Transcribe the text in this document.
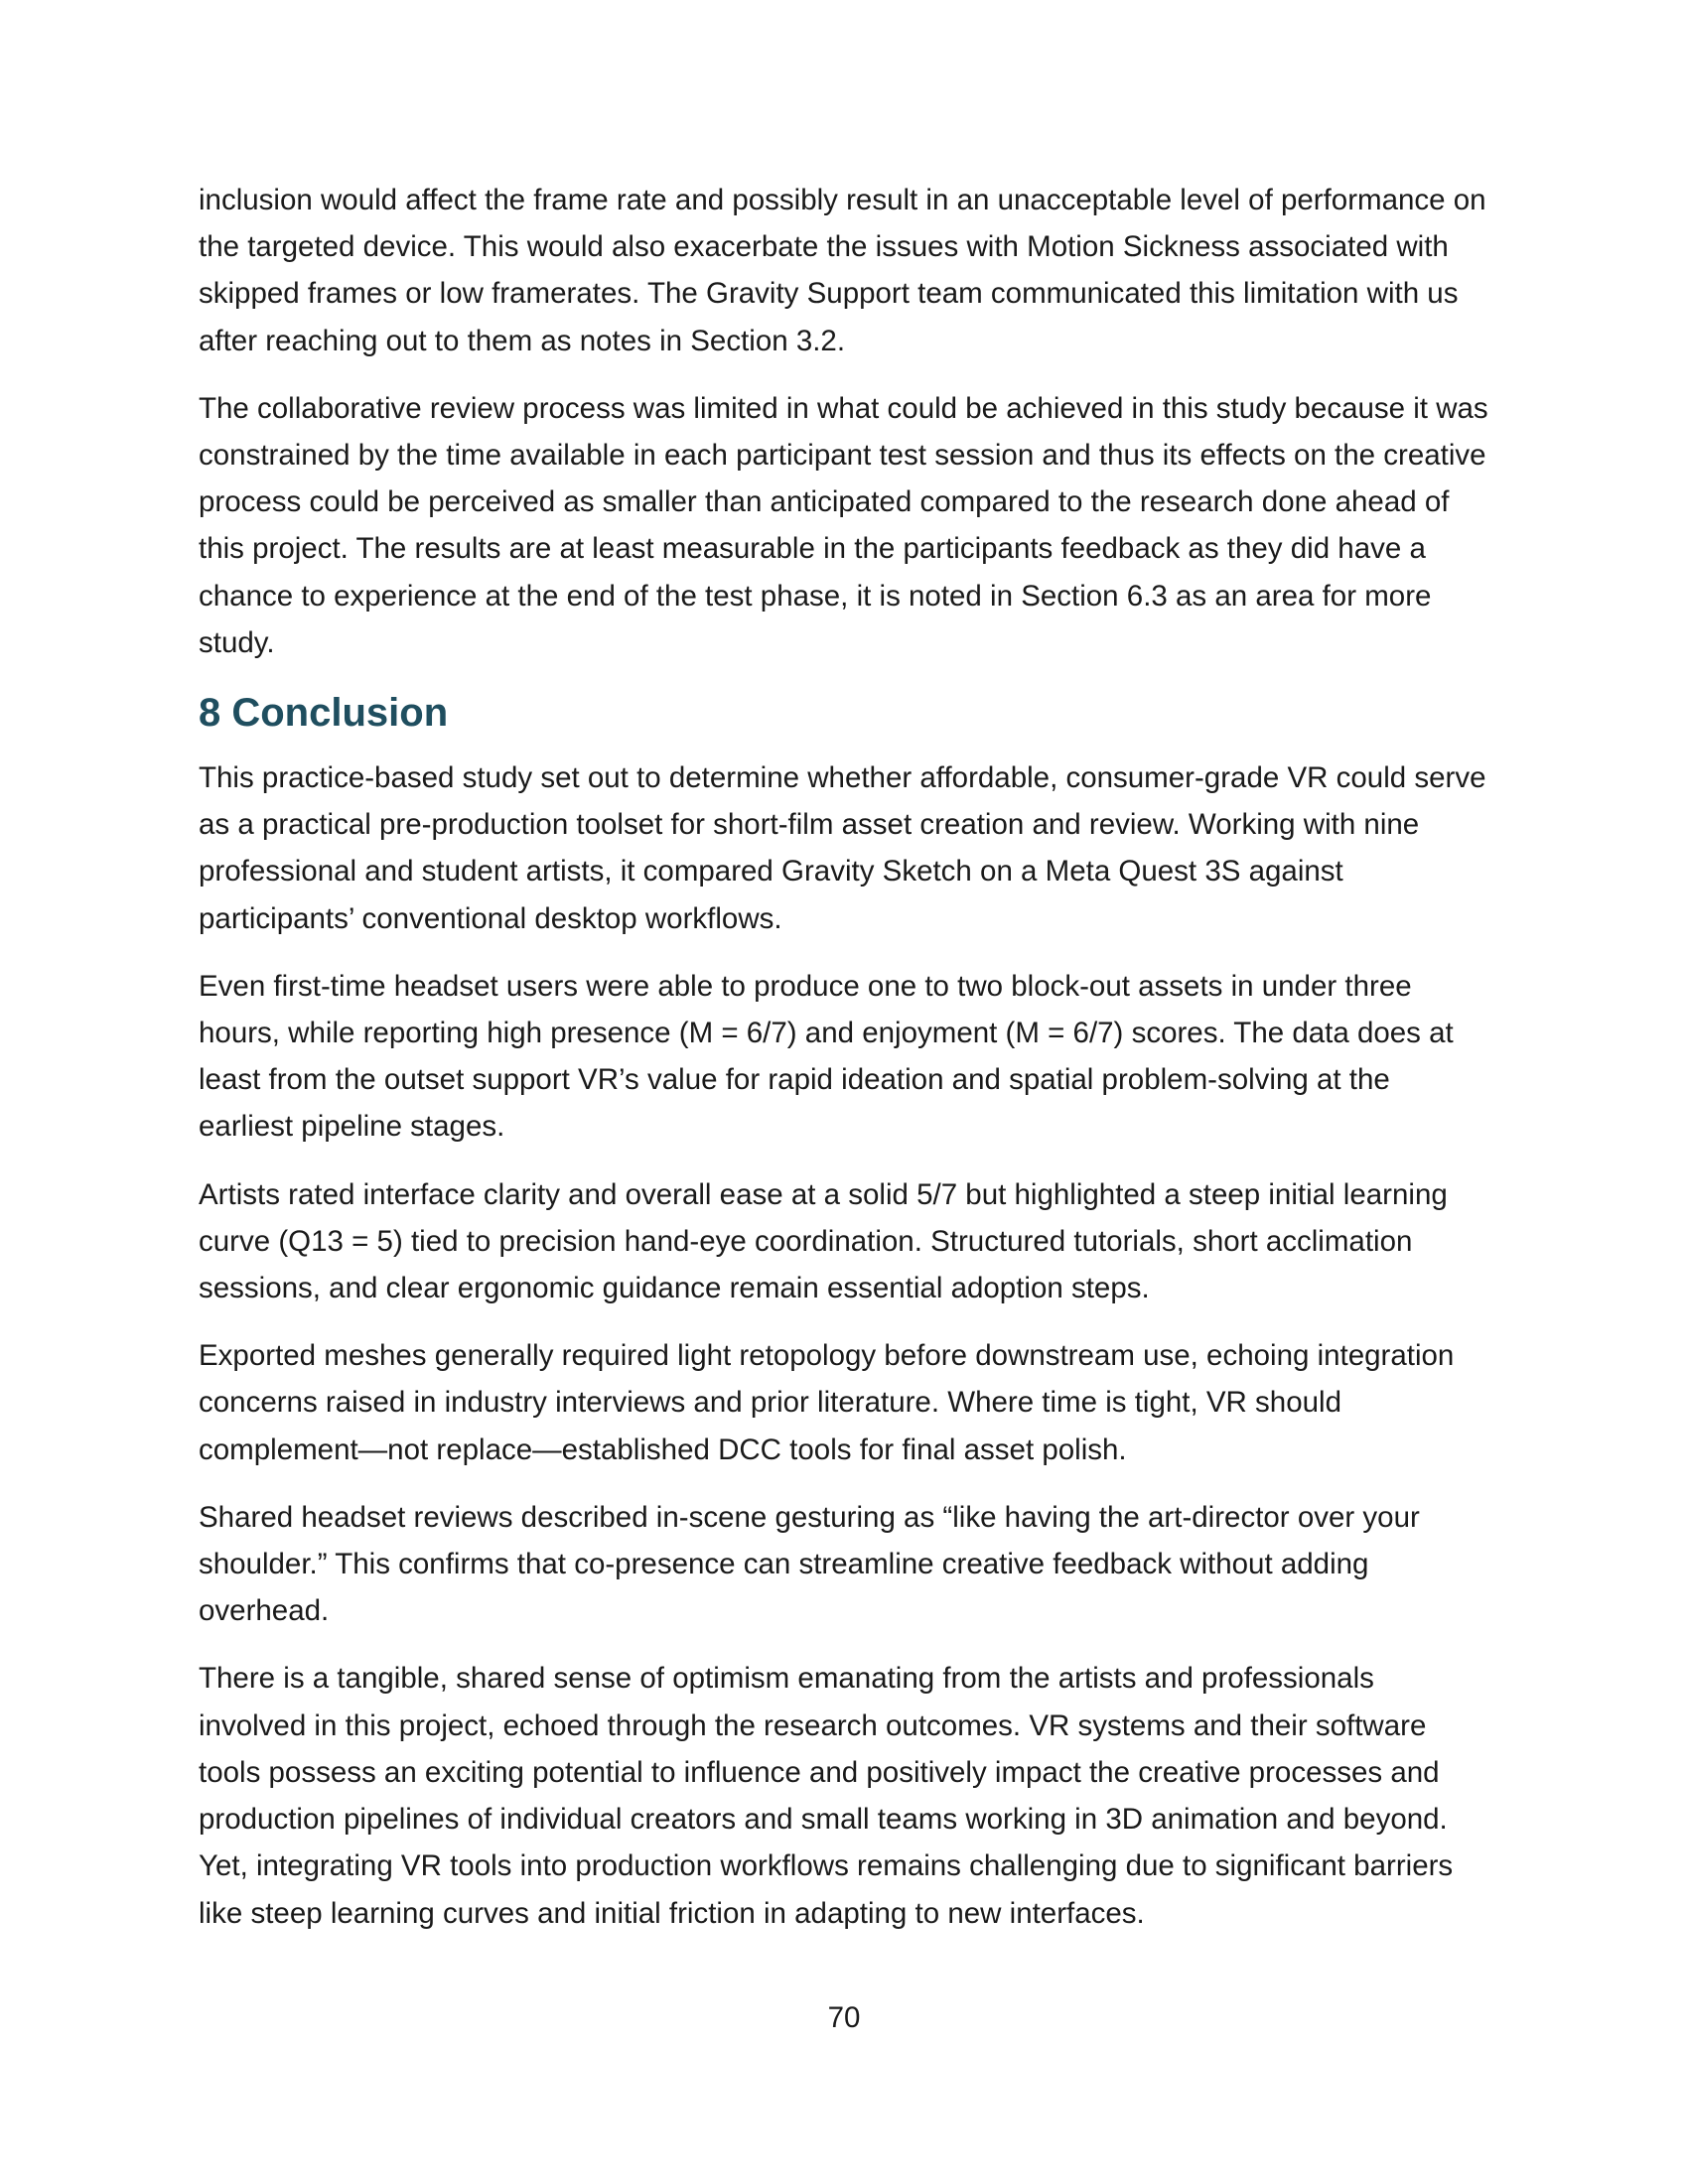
inclusion would affect the frame rate and possibly result in an unacceptable level of performance on the targeted device. This would also exacerbate the issues with Motion Sickness associated with skipped frames or low framerates. The Gravity Support team communicated this limitation with us after reaching out to them as notes in Section 3.2.

The collaborative review process was limited in what could be achieved in this study because it was constrained by the time available in each participant test session and thus its effects on the creative process could be perceived as smaller than anticipated compared to the research done ahead of this project. The results are at least measurable in the participants feedback as they did have a chance to experience at the end of the test phase, it is noted in Section 6.3 as an area for more study.

8 Conclusion

This practice-based study set out to determine whether affordable, consumer-grade VR could serve as a practical pre-production toolset for short-film asset creation and review. Working with nine professional and student artists, it compared Gravity Sketch on a Meta Quest 3S against participants’ conventional desktop workflows.

Even first-time headset users were able to produce one to two block-out assets in under three hours, while reporting high presence (M = 6/7) and enjoyment (M = 6/7) scores. The data does at least from the outset support VR’s value for rapid ideation and spatial problem-solving at the earliest pipeline stages.

Artists rated interface clarity and overall ease at a solid 5/7 but highlighted a steep initial learning curve (Q13 = 5) tied to precision hand-eye coordination. Structured tutorials, short acclimation sessions, and clear ergonomic guidance remain essential adoption steps.

Exported meshes generally required light retopology before downstream use, echoing integration concerns raised in industry interviews and prior literature. Where time is tight, VR should complement—not replace—established DCC tools for final asset polish.

Shared headset reviews described in-scene gesturing as “like having the art-director over your shoulder.” This confirms that co-presence can streamline creative feedback without adding overhead.

There is a tangible, shared sense of optimism emanating from the artists and professionals involved in this project, echoed through the research outcomes. VR systems and their software tools possess an exciting potential to influence and positively impact the creative processes and production pipelines of individual creators and small teams working in 3D animation and beyond. Yet, integrating VR tools into production workflows remains challenging due to significant barriers like steep learning curves and initial friction in adapting to new interfaces.

70
